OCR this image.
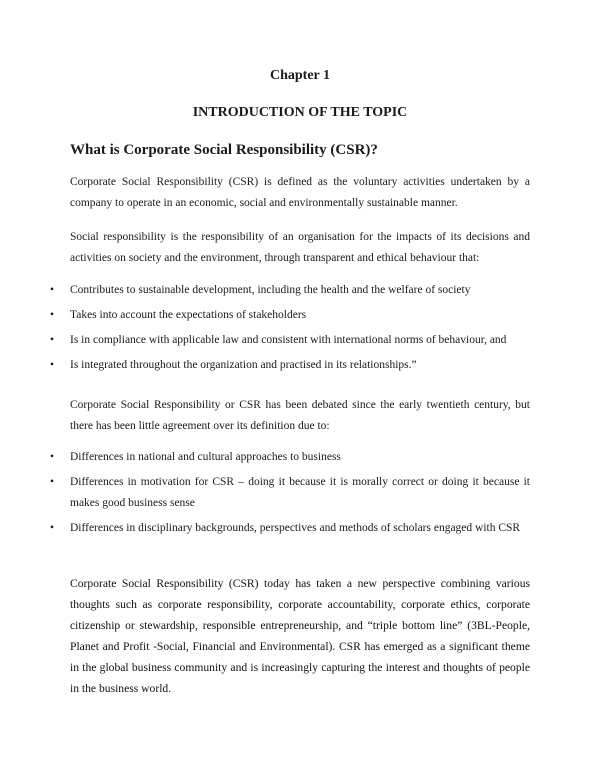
Chapter 1
INTRODUCTION OF THE TOPIC
What is Corporate Social Responsibility (CSR)?
Corporate Social Responsibility (CSR) is defined as the voluntary activities undertaken by a company to operate in an economic, social and environmentally sustainable manner.
Social responsibility is the responsibility of an organisation for the impacts of its decisions and activities on society and the environment, through transparent and ethical behaviour that:
• Contributes to sustainable development, including the health and the welfare of society
• Takes into account the expectations of stakeholders
• Is in compliance with applicable law and consistent with international norms of behaviour, and
• Is integrated throughout the organization and practised in its relationships.”
Corporate Social Responsibility or CSR has been debated since the early twentieth century, but there has been little agreement over its definition due to:
• Differences in national and cultural approaches to business
• Differences in motivation for CSR – doing it because it is morally correct or doing it because it makes good business sense
• Differences in disciplinary backgrounds, perspectives and methods of scholars engaged with CSR
Corporate Social Responsibility (CSR) today has taken a new perspective combining various thoughts such as corporate responsibility, corporate accountability, corporate ethics, corporate citizenship or stewardship, responsible entrepreneurship, and “triple bottom line” (3BL-People, Planet and Profit -Social, Financial and Environmental). CSR has emerged as a significant theme in the global business community and is increasingly capturing the interest and thoughts of people in the business world.
